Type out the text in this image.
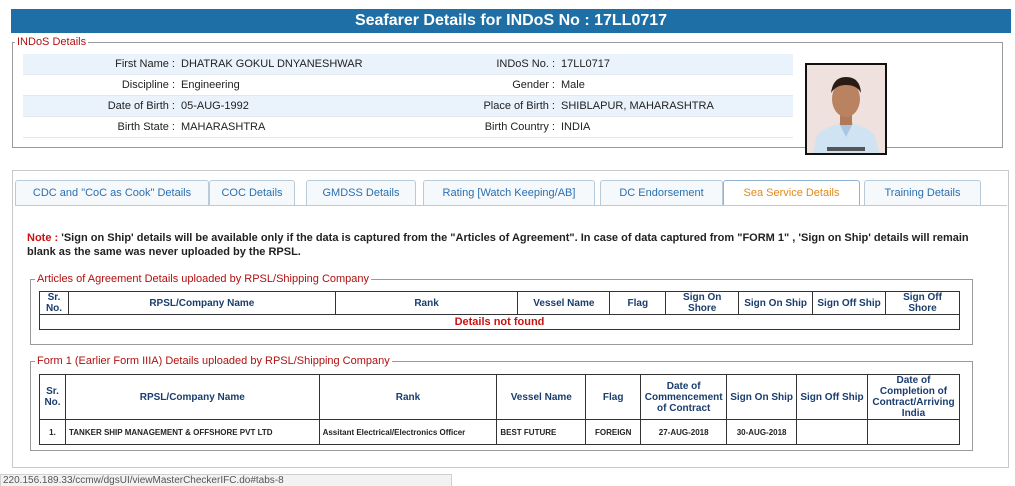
Seafarer Details for INDoS No : 17LL0717
INDoS Details
First Name :	DHATRAK GOKUL DNYANESHWAR	INDoS No. :	17LL0717
Discipline :	Engineering	Gender :	Male
Date of Birth :	05-AUG-1992	Place of Birth :	SHIBLAPUR, MAHARASHTRA
Birth State :	MAHARASHTRA	Birth Country :	INDIA
CDC and "CoC as Cook" Details	COC Details	GMDSS Details	Rating [Watch Keeping/AB]	DC Endorsement	Sea Service Details	Training Details
Note : 'Sign on Ship' details will be available only if the data is captured from the "Articles of Agreement". In case of data captured from "FORM 1" , 'Sign on Ship' details will remain blank as the same was never uploaded by the RPSL.
Articles of Agreement Details uploaded by RPSL/Shipping Company
Sr. No.	RPSL/Company Name	Rank	Vessel Name	Flag	Sign On Shore	Sign On Ship	Sign Off Ship	Sign Off Shore
Details not found
Form 1 (Earlier Form IIIA) Details uploaded by RPSL/Shipping Company
Sr. No.	RPSL/Company Name	Rank	Vessel Name	Flag	Date of Commencement of Contract	Sign On Ship	Sign Off Ship	Date of Completion of Contract/Arriving India
1.	TANKER SHIP MANAGEMENT & OFFSHORE PVT LTD	Assitant Electrical/Electronics Officer	BEST FUTURE	FOREIGN	27-AUG-2018	30-AUG-2018		
220.156.189.33/ccmw/dgsUI/viewMasterCheckerIFC.do#tabs-8
